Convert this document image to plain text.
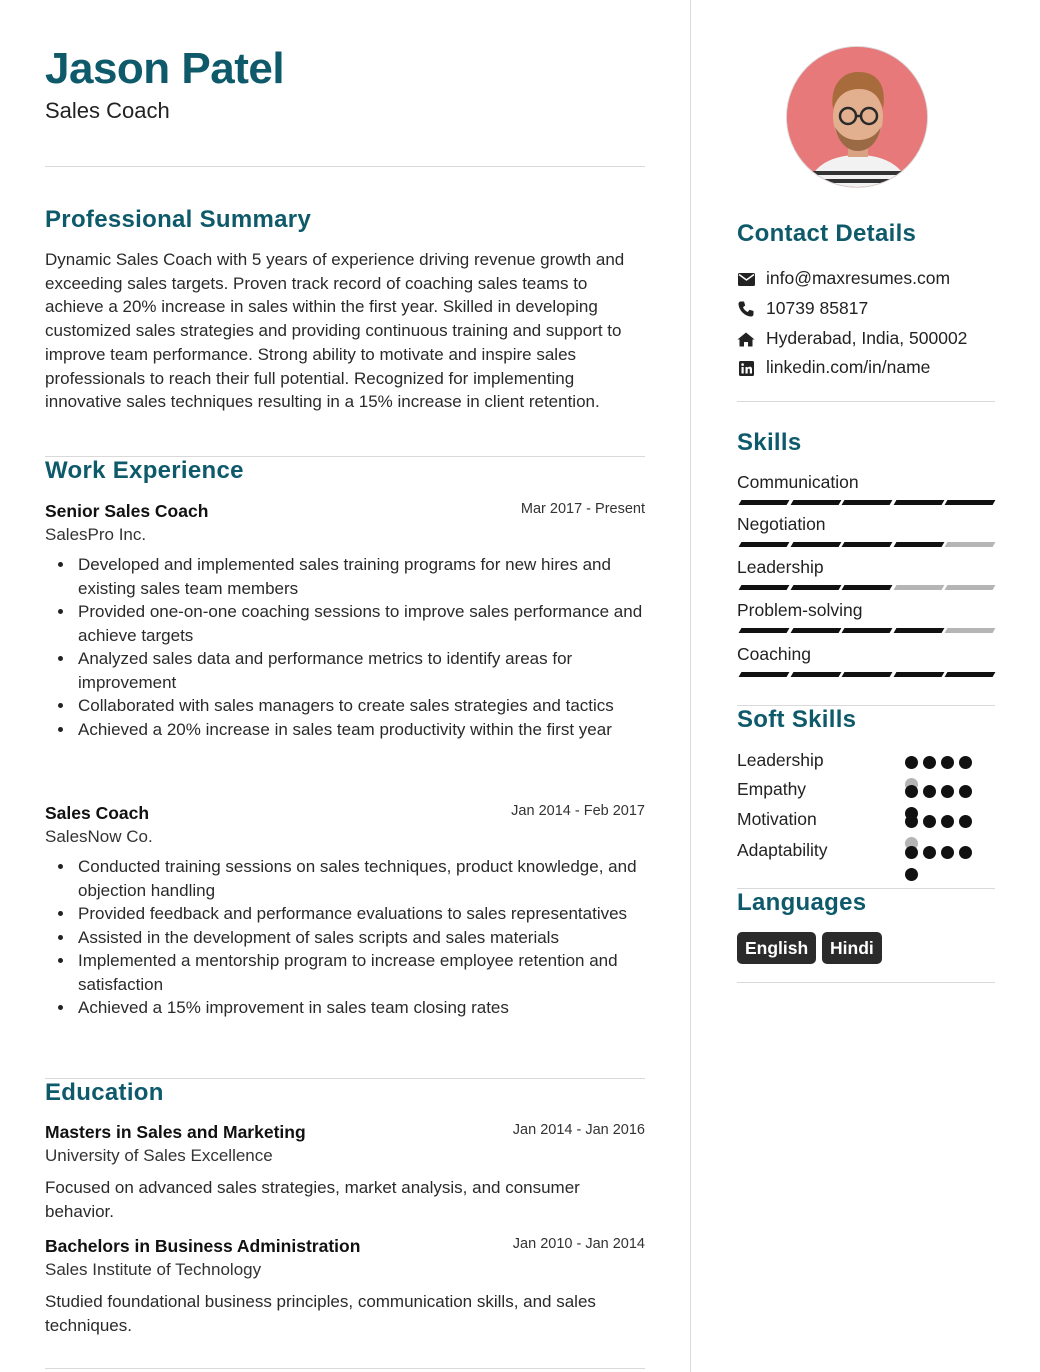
Jason Patel
Sales Coach
Professional Summary
Dynamic Sales Coach with 5 years of experience driving revenue growth and exceeding sales targets. Proven track record of coaching sales teams to achieve a 20% increase in sales within the first year. Skilled in developing customized sales strategies and providing continuous training and support to improve team performance. Strong ability to motivate and inspire sales professionals to reach their full potential. Recognized for implementing innovative sales techniques resulting in a 15% increase in client retention.
Work Experience
Senior Sales Coach	Mar 2017 - Present
SalesPro Inc.
Developed and implemented sales training programs for new hires and existing sales team members
Provided one-on-one coaching sessions to improve sales performance and achieve targets
Analyzed sales data and performance metrics to identify areas for improvement
Collaborated with sales managers to create sales strategies and tactics
Achieved a 20% increase in sales team productivity within the first year
Sales Coach	Jan 2014 - Feb 2017
SalesNow Co.
Conducted training sessions on sales techniques, product knowledge, and objection handling
Provided feedback and performance evaluations to sales representatives
Assisted in the development of sales scripts and sales materials
Implemented a mentorship program to increase employee retention and satisfaction
Achieved a 15% improvement in sales team closing rates
Education
Masters in Sales and Marketing	Jan 2014 - Jan 2016
University of Sales Excellence
Focused on advanced sales strategies, market analysis, and consumer behavior.
Bachelors in Business Administration	Jan 2010 - Jan 2014
Sales Institute of Technology
Studied foundational business principles, communication skills, and sales techniques.
Contact Details
info@maxresumes.com
10739 85817
Hyderabad, India, 500002
linkedin.com/in/name
Skills
Communication
Negotiation
Leadership
Problem-solving
Coaching
Soft Skills
Leadership
Empathy
Motivation
Adaptability
Languages
English	Hindi
